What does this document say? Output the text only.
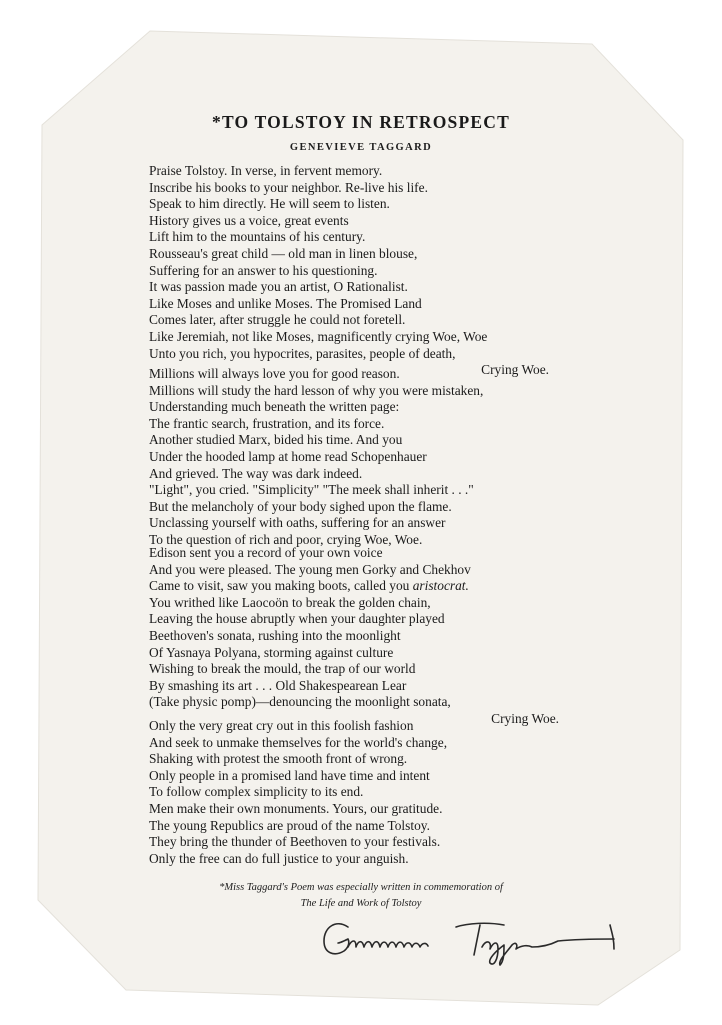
*TO TOLSTOY IN RETROSPECT
GENEVIEVE TAGGARD
Praise Tolstoy. In verse, in fervent memory.
Inscribe his books to your neighbor. Re-live his life.
Speak to him directly. He will seem to listen.
History gives us a voice, great events
Lift him to the mountains of his century.
Rousseau's great child — old man in linen blouse,
Suffering for an answer to his questioning.
It was passion made you an artist, O Rationalist.
Like Moses and unlike Moses. The Promised Land
Comes later, after struggle he could not foretell.
Like Jeremiah, not like Moses, magnificently crying Woe, Woe
Unto you rich, you hypocrites, parasites, people of death,
Crying Woe.
Millions will always love you for good reason.
Millions will study the hard lesson of why you were mistaken,
Understanding much beneath the written page:
The frantic search, frustration, and its force.
Another studied Marx, bided his time. And you
Under the hooded lamp at home read Schopenhauer
And grieved. The way was dark indeed.
"Light", you cried. "Simplicity" "The meek shall inherit . . ."
But the melancholy of your body sighed upon the flame.
Unclassing yourself with oaths, suffering for an answer
To the question of rich and poor, crying Woe, Woe.
Edison sent you a record of your own voice
And you were pleased. The young men Gorky and Chekhov
Came to visit, saw you making boots, called you aristocrat.
You writhed like Laocoön to break the golden chain,
Leaving the house abruptly when your daughter played
Beethoven's sonata, rushing into the moonlight
Of Yasnaya Polyana, storming against culture
Wishing to break the mould, the trap of our world
By smashing its art . . . Old Shakespearean Lear
(Take physic pomp)—denouncing the moonlight sonata,
Crying Woe.
Only the very great cry out in this foolish fashion
And seek to unmake themselves for the world's change,
Shaking with protest the smooth front of wrong.
Only people in a promised land have time and intent
To follow complex simplicity to its end.
Men make their own monuments. Yours, our gratitude.
The young Republics are proud of the name Tolstoy.
They bring the thunder of Beethoven to your festivals.
Only the free can do full justice to your anguish.
*Miss Taggard's Poem was especially written in commemoration of
The Life and Work of Tolstoy
